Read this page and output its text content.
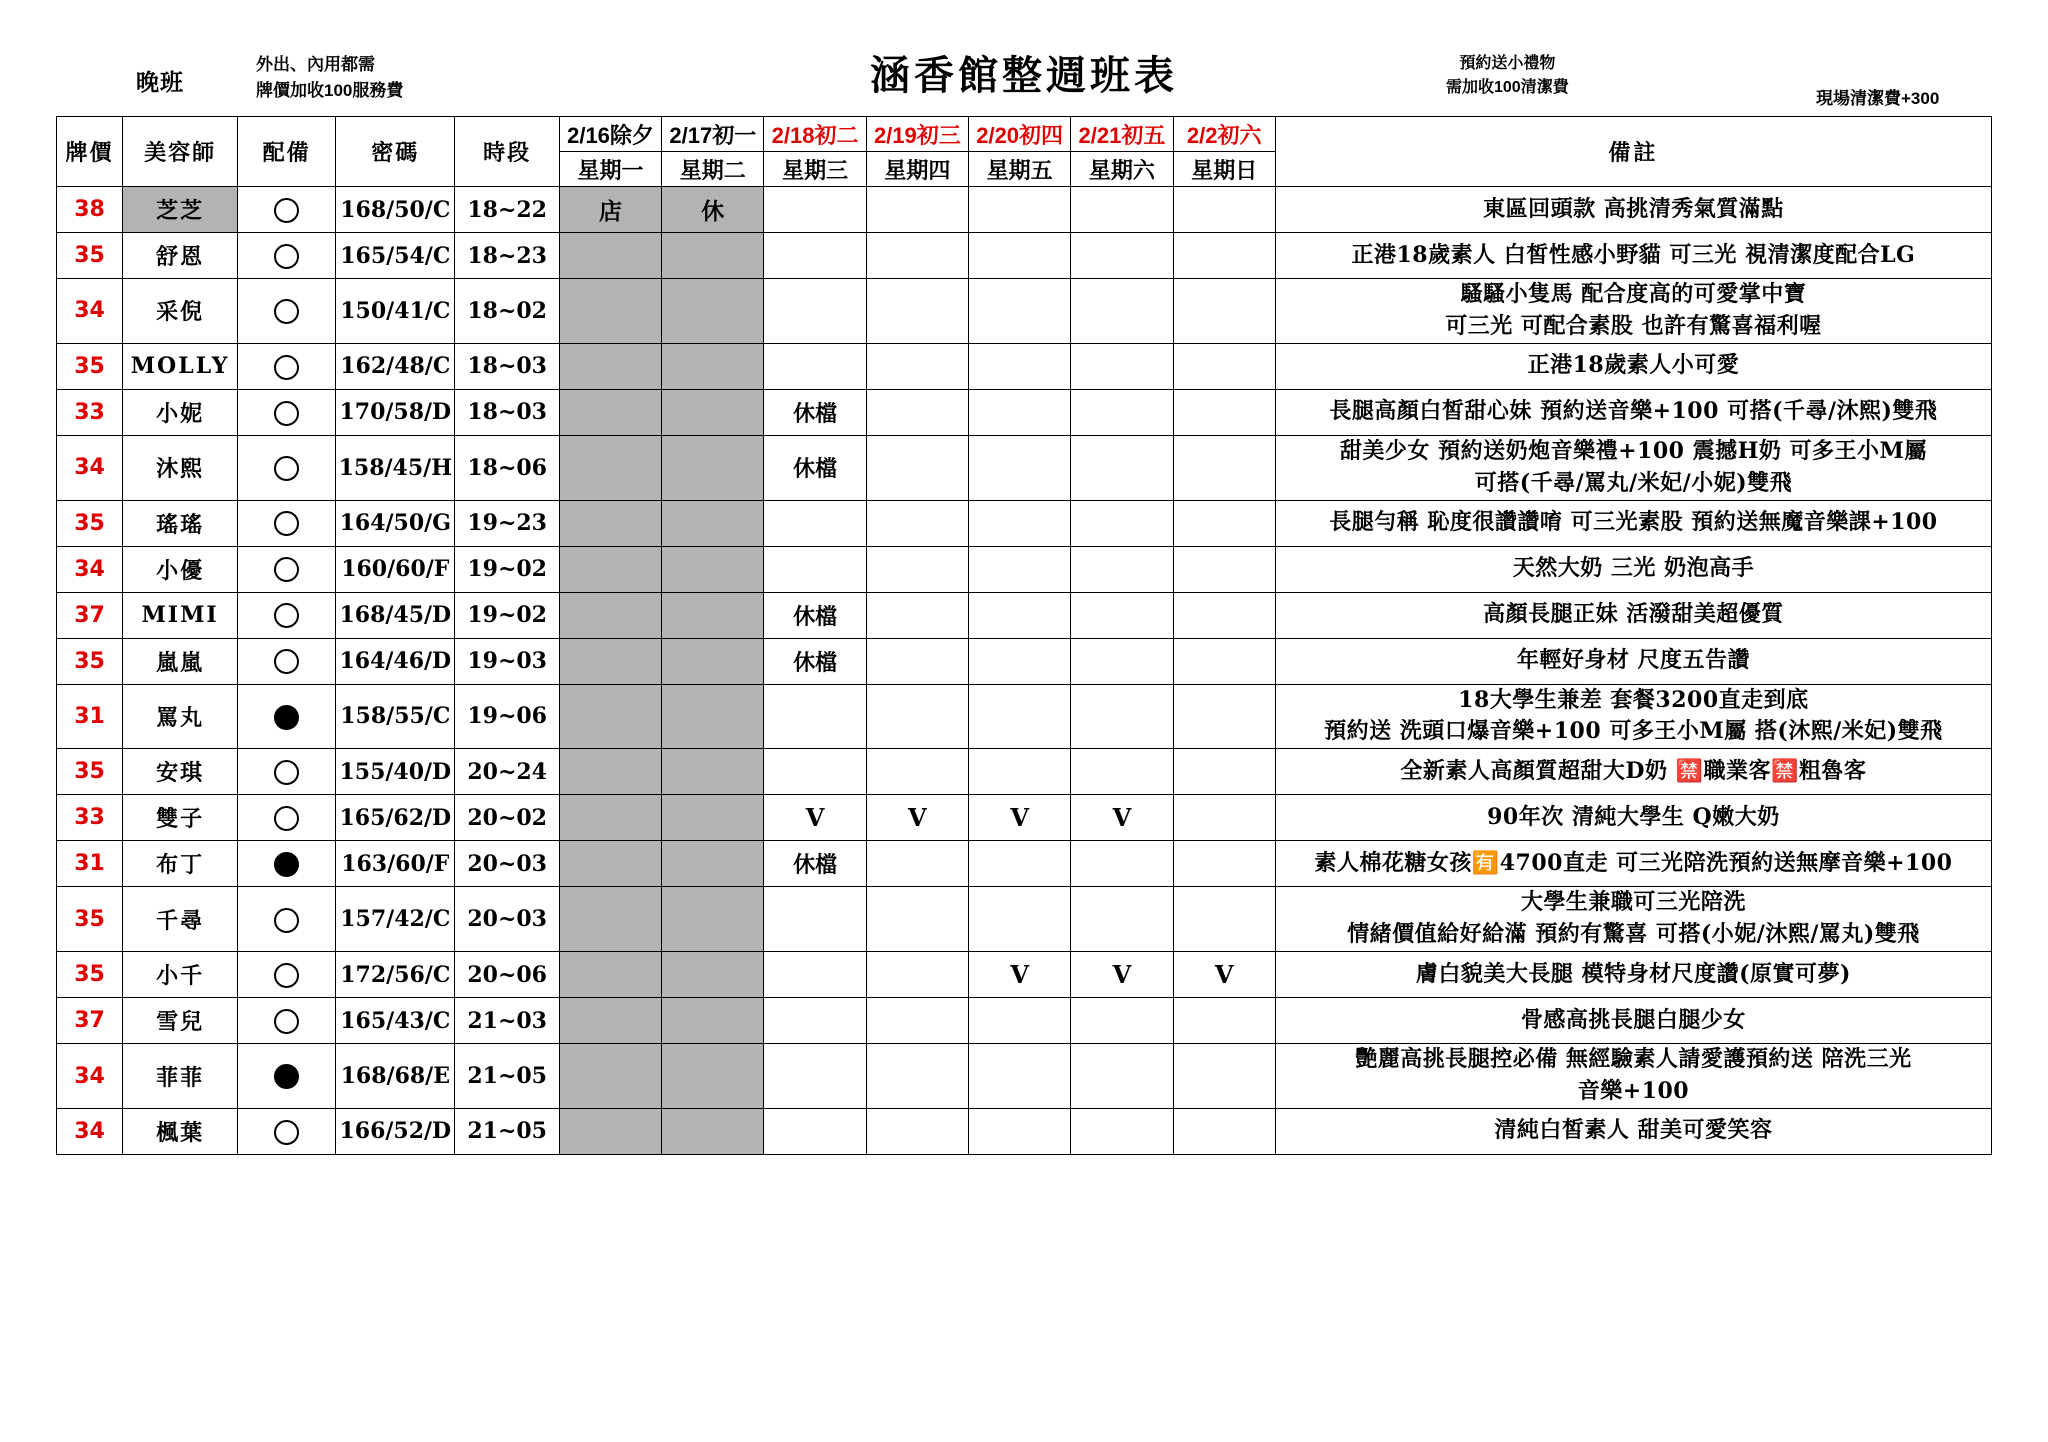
晚班
外出、內用都需
牌價加收100服務費	涵香館整週班表	預約送小禮物
需加收100清潔費
現場清潔費+300
牌價	美容師	配備	密碼	時段	2/16除夕	2/17初一	2/18初二	2/19初三	2/20初四	2/21初五	2/2初六	備註
					星期一	星期二	星期三	星期四	星期五	星期六	星期日	
38	芝芝		168/50/C	18~22	店	休						東區回頭款 高挑清秀氣質滿點
35	舒恩		165/54/C	18~23								正港18歲素人 白皙性感小野貓 可三光 視清潔度配合LG
34	采倪		150/41/C	18~02								騷騷小隻馬 配合度高的可愛掌中寶
可三光 可配合素股 也許有驚喜福利喔
35	MOLLY		162/48/C	18~03								正港18歲素人小可愛
33	小妮		170/58/D	18~03			休檔					長腿高顏白皙甜心妹 預約送音樂+100 可搭(千尋/沐熙)雙飛
34	沐熙		158/45/H	18~06			休檔					甜美少女 預約送奶炮音樂禮+100 震撼H奶 可多王小M屬
可搭(千尋/罵丸/米妃/小妮)雙飛
35	瑤瑤		164/50/G	19~23								長腿勻稱 恥度很讚讚唷 可三光素股 預約送無魔音樂課+100
34	小優		160/60/F	19~02								天然大奶 三光 奶泡高手
37	MIMI		168/45/D	19~02			休檔					高顏長腿正妹 活潑甜美超優質
35	嵐嵐		164/46/D	19~03			休檔					年輕好身材 尺度五告讚
31	罵丸		158/55/C	19~06								18大學生兼差 套餐3200直走到底
預約送 洗頭口爆音樂+100 可多王小M屬 搭(沐熙/米妃)雙飛
35	安琪		155/40/D	20~24								全新素人高顏質超甜大D奶 🈲職業客🈲粗魯客
33	雙子		165/62/D	20~02			V	V	V	V		90年次 清純大學生 Q嫩大奶
31	布丁		163/60/F	20~03			休檔					素人棉花糖女孩🈶4700直走 可三光陪洗預約送無摩音樂+100
35	千尋		157/42/C	20~03								大學生兼職可三光陪洗
情緒價值給好給滿 預約有驚喜 可搭(小妮/沐熙/罵丸)雙飛
35	小千		172/56/C	20~06					V	V	V	膚白貌美大長腿 模特身材尺度讚(原實可夢)
37	雪兒		165/43/C	21~03								骨感高挑長腿白腿少女
34	菲菲		168/68/E	21~05								艷麗高挑長腿控必備 無經驗素人請愛護預約送 陪洗三光
音樂+100
34	楓葉		166/52/D	21~05								清純白皙素人 甜美可愛笑容
